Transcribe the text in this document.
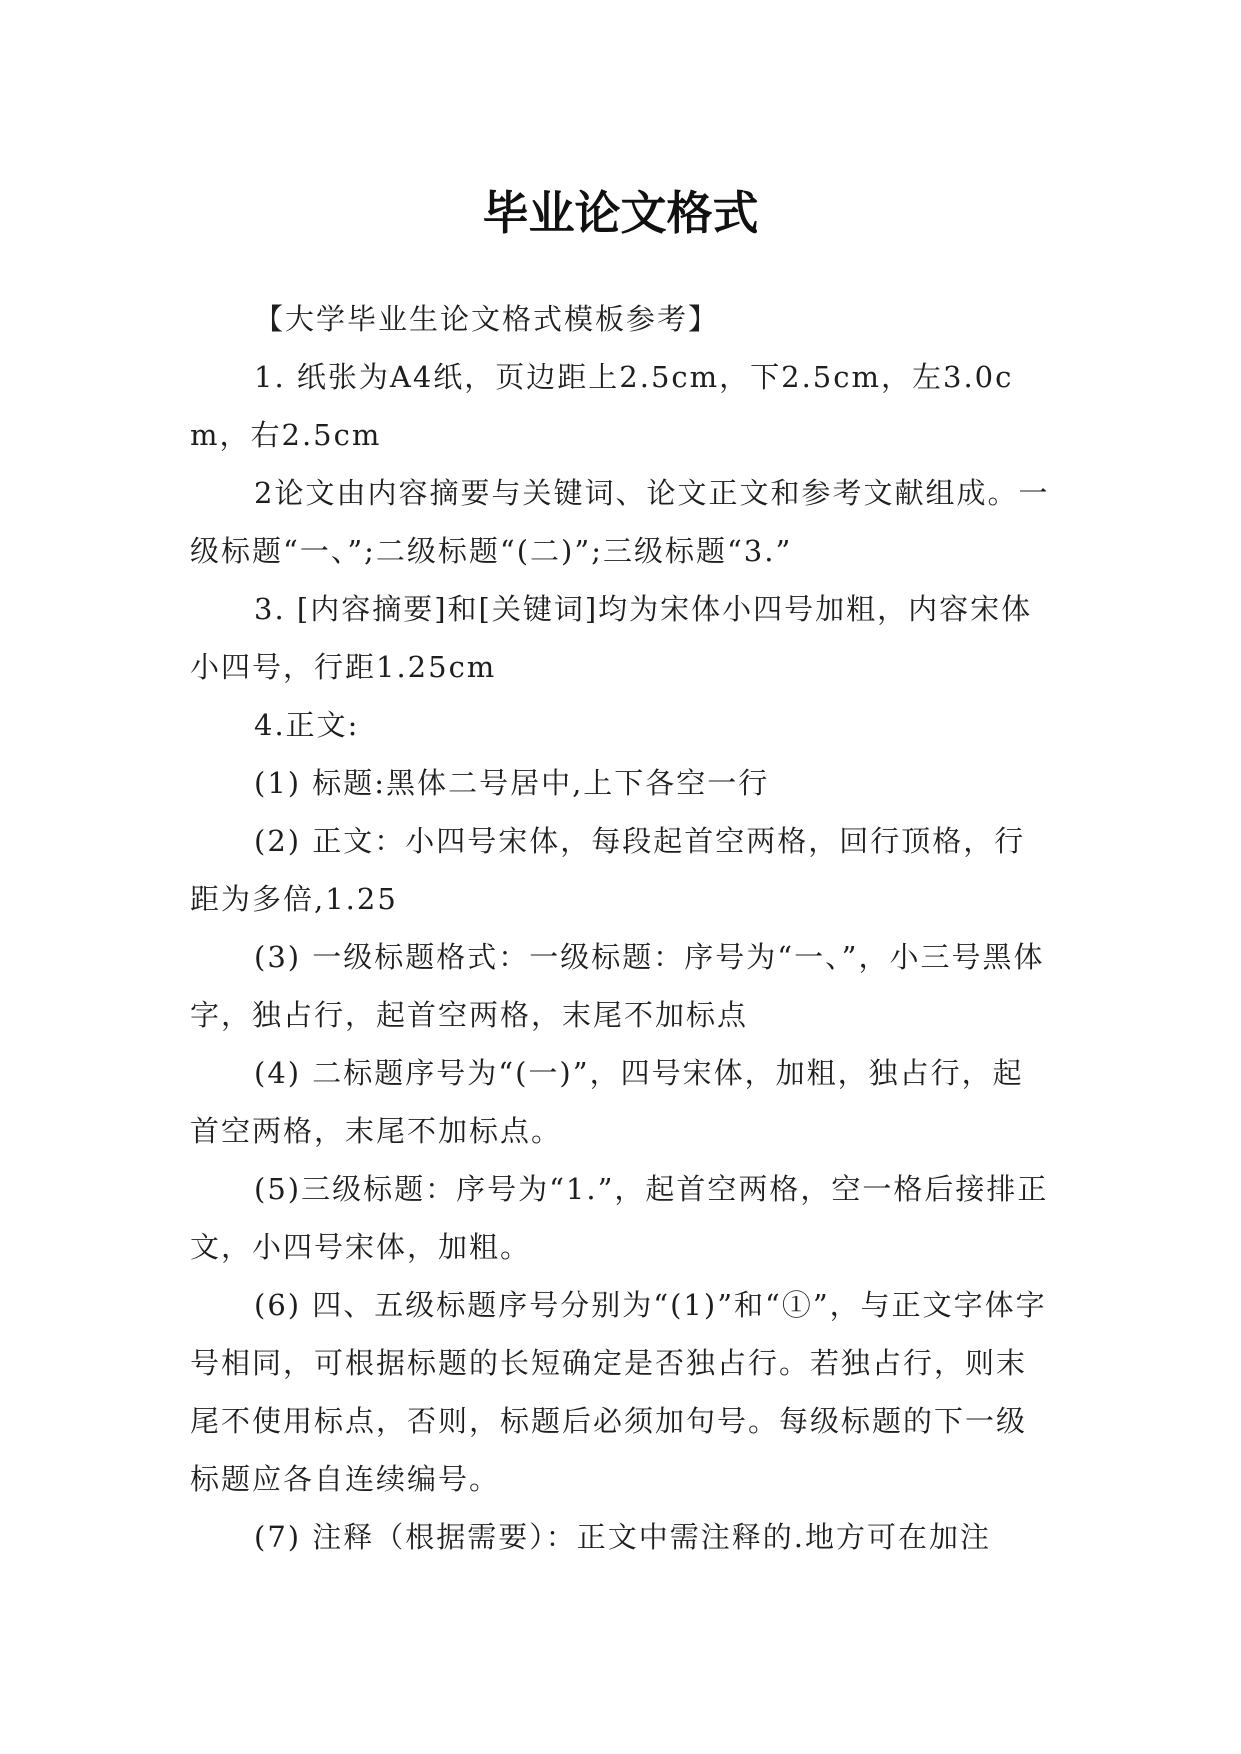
毕业论文格式

【大学毕业生论文格式模板参考】

1. 纸张为A4纸，页边距上2.5cm，下2.5cm，左3.0cm，右2.5cm

2论文由内容摘要与关键词、论文正文和参考文献组成。一级标题“一、”;二级标题“(二)”;三级标题“3.”

3. [内容摘要]和[关键词]均为宋体小四号加粗，内容宋体小四号，行距1.25cm

4.正文:

(1) 标题:黑体二号居中,上下各空一行

(2) 正文：小四号宋体，每段起首空两格，回行顶格，行距为多倍,1.25

(3) 一级标题格式：一级标题：序号为“一、”，小三号黑体字，独占行，起首空两格，末尾不加标点

(4) 二标题序号为“(一)”，四号宋体，加粗，独占行，起首空两格，末尾不加标点。

(5)三级标题：序号为“1.”，起首空两格，空一格后接排正文，小四号宋体，加粗。

(6) 四、五级标题序号分别为“(1)”和“①”，与正文字体字号相同，可根据标题的长短确定是否独占行。若独占行，则末尾不使用标点，否则，标题后必须加句号。每级标题的下一级标题应各自连续编号。

(7) 注释（根据需要）：正文中需注释的.地方可在加注
